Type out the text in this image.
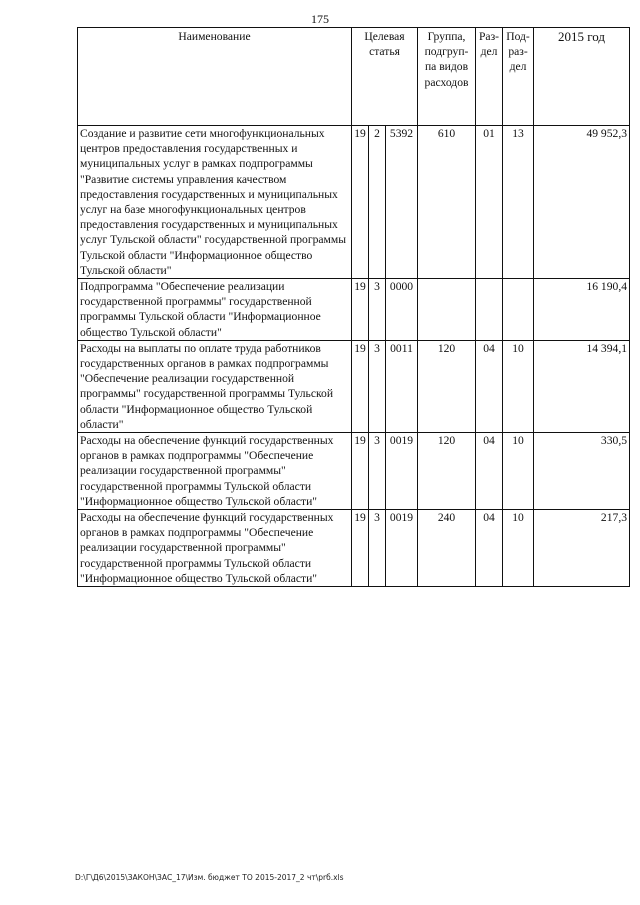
175
Наименование	Целевая статья			Группа, подгруп-па видов расходов	Раз-дел	Под-раз-дел	2015 год
Создание и развитие сети многофункциональных центров предоставления государственных и муниципальных услуг в рамках подпрограммы "Развитие системы управления качеством предоставления государственных и муниципальных услуг на базе многофункциональных центров предоставления государственных и муниципальных услуг Тульской области" государственной программы Тульской области "Информационное общество Тульской области"	19	2	5392	610	01	13	49 952,3
Подпрограмма "Обеспечение реализации государственной программы" государственной программы Тульской области "Информационное общество Тульской области"	19	3	0000				16 190,4
Расходы на выплаты по оплате труда работников государственных органов в рамках подпрограммы "Обеспечение реализации государственной программы" государственной программы Тульской области "Информационное общество Тульской области"	19	3	0011	120	04	10	14 394,1
Расходы на обеспечение функций государственных органов в рамках подпрограммы "Обеспечение реализации государственной программы" государственной программы Тульской области "Информационное общество Тульской области"	19	3	0019	120	04	10	330,5
Расходы на обеспечение функций государственных органов в рамках подпрограммы "Обеспечение реализации государственной программы" государственной программы Тульской области "Информационное общество Тульской области"	19	3	0019	240	04	10	217,3
D:\Г\Д6\2015\ЗАКОН\ЗАС_17\Изм. бюджет ТО 2015-2017_2 чт\prб.xls
